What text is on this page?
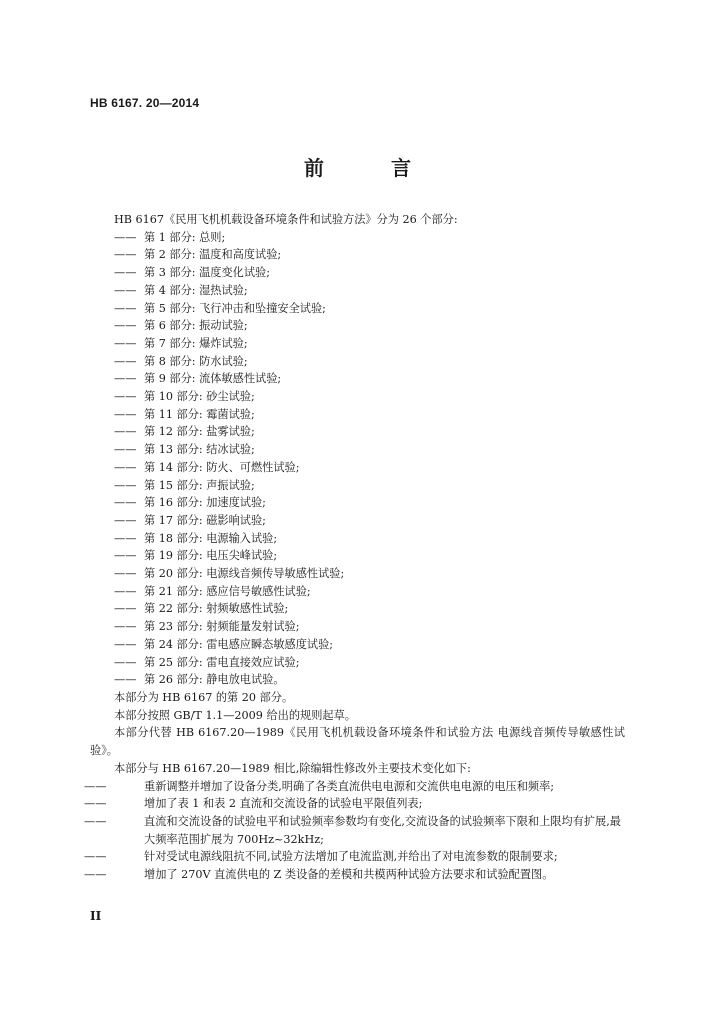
HB 6167. 20—2014
前 言
HB 6167《民用飞机机载设备环境条件和试验方法》分为 26 个部分:
—— 第 1 部分: 总则;
—— 第 2 部分: 温度和高度试验;
—— 第 3 部分: 温度变化试验;
—— 第 4 部分: 湿热试验;
—— 第 5 部分: 飞行冲击和坠撞安全试验;
—— 第 6 部分: 振动试验;
—— 第 7 部分: 爆炸试验;
—— 第 8 部分: 防水试验;
—— 第 9 部分: 流体敏感性试验;
—— 第 10 部分: 砂尘试验;
—— 第 11 部分: 霉菌试验;
—— 第 12 部分: 盐雾试验;
—— 第 13 部分: 结冰试验;
—— 第 14 部分: 防火、可燃性试验;
—— 第 15 部分: 声振试验;
—— 第 16 部分: 加速度试验;
—— 第 17 部分: 磁影响试验;
—— 第 18 部分: 电源输入试验;
—— 第 19 部分: 电压尖峰试验;
—— 第 20 部分: 电源线音频传导敏感性试验;
—— 第 21 部分: 感应信号敏感性试验;
—— 第 22 部分: 射频敏感性试验;
—— 第 23 部分: 射频能量发射试验;
—— 第 24 部分: 雷电感应瞬态敏感度试验;
—— 第 25 部分: 雷电直接效应试验;
—— 第 26 部分: 静电放电试验。
本部分为 HB 6167 的第 20 部分。
本部分按照 GB/T 1.1—2009 给出的规则起草。
本部分代替 HB 6167.20—1989《民用飞机机载设备环境条件和试验方法 电源线音频传导敏感性试验》。
本部分与 HB 6167.20—1989 相比,除编辑性修改外主要技术变化如下:
——	重新调整并增加了设备分类,明确了各类直流供电电源和交流供电电源的电压和频率;
——	增加了表 1 和表 2 直流和交流设备的试验电平限值列表;
——	直流和交流设备的试验电平和试验频率参数均有变化,交流设备的试验频率下限和上限均有扩展,最大频率范围扩展为 700Hz~32kHz;
——	针对受试电源线阻抗不同,试验方法增加了电流监测,并给出了对电流参数的限制要求;
——	增加了 270V 直流供电的 Z 类设备的差模和共模两种试验方法要求和试验配置图。
II
